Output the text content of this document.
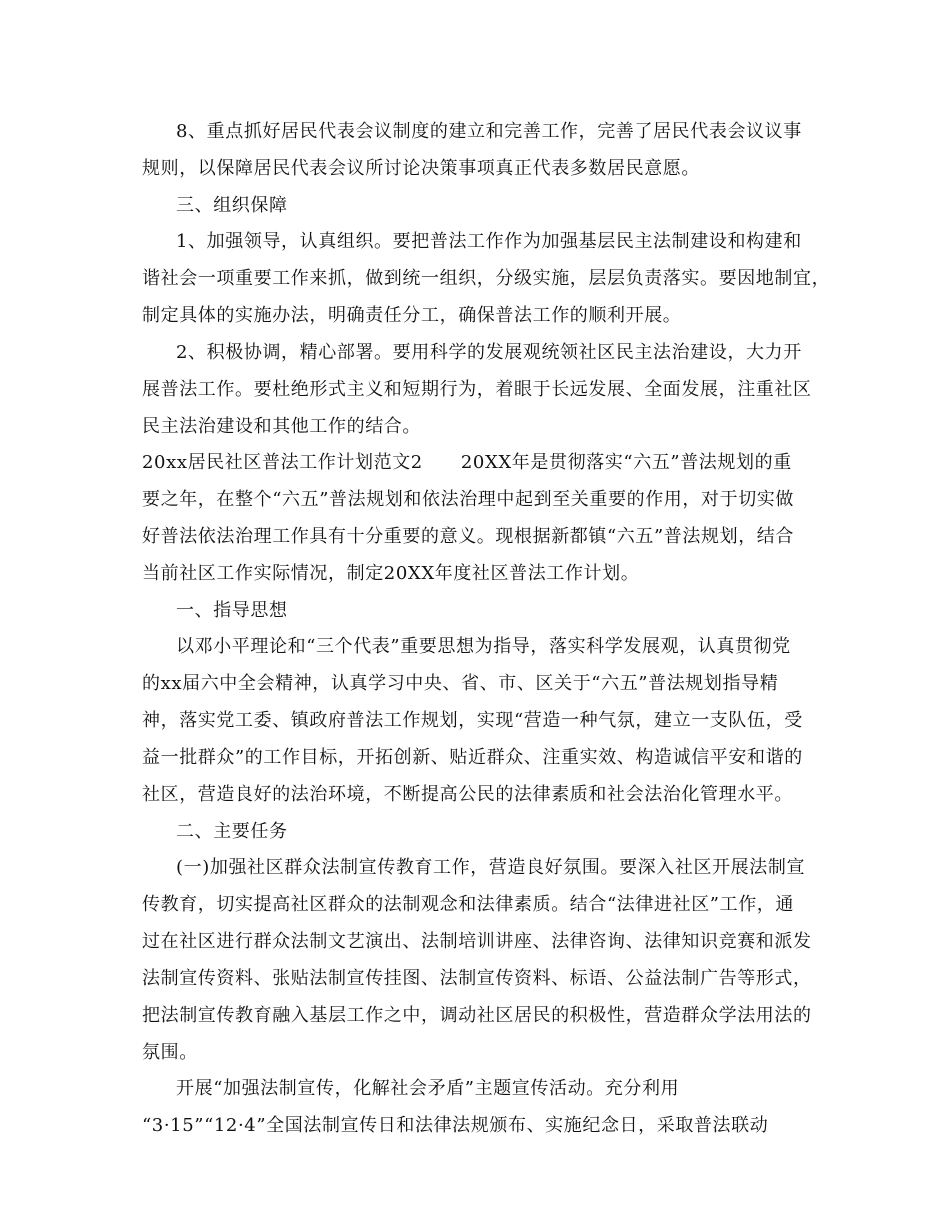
8、重点抓好居民代表会议制度的建立和完善工作，完善了居民代表会议议事
规则，以保障居民代表会议所讨论决策事项真正代表多数居民意愿。
三、组织保障
1、加强领导，认真组织。要把普法工作作为加强基层民主法制建设和构建和
谐社会一项重要工作来抓，做到统一组织，分级实施，层层负责落实。要因地制宜，
制定具体的实施办法，明确责任分工，确保普法工作的顺利开展。
2、积极协调，精心部署。要用科学的发展观统领社区民主法治建设，大力开
展普法工作。要杜绝形式主义和短期行为，着眼于长远发展、全面发展，注重社区
民主法治建设和其他工作的结合。
20xx居民社区普法工作计划范文2 20XX年是贯彻落实“六五”普法规划的重
要之年，在整个“六五”普法规划和依法治理中起到至关重要的作用，对于切实做
好普法依法治理工作具有十分重要的意义。现根据新都镇“六五”普法规划，结合
当前社区工作实际情况，制定20XX年度社区普法工作计划。
一、指导思想
以邓小平理论和“三个代表”重要思想为指导，落实科学发展观，认真贯彻党
的xx届六中全会精神，认真学习中央、省、市、区关于“六五”普法规划指导精
神，落实党工委、镇政府普法工作规划，实现“营造一种气氛，建立一支队伍，受
益一批群众”的工作目标，开拓创新、贴近群众、注重实效、构造诚信平安和谐的
社区，营造良好的法治环境，不断提高公民的法律素质和社会法治化管理水平。
二、主要任务
(一)加强社区群众法制宣传教育工作，营造良好氛围。要深入社区开展法制宣
传教育，切实提高社区群众的法制观念和法律素质。结合“法律进社区”工作，通
过在社区进行群众法制文艺演出、法制培训讲座、法律咨询、法律知识竞赛和派发
法制宣传资料、张贴法制宣传挂图、法制宣传资料、标语、公益法制广告等形式，
把法制宣传教育融入基层工作之中，调动社区居民的积极性，营造群众学法用法的
氛围。
开展“加强法制宣传，化解社会矛盾”主题宣传活动。充分利用
“3·15”“12·4”全国法制宣传日和法律法规颁布、实施纪念日，采取普法联动
